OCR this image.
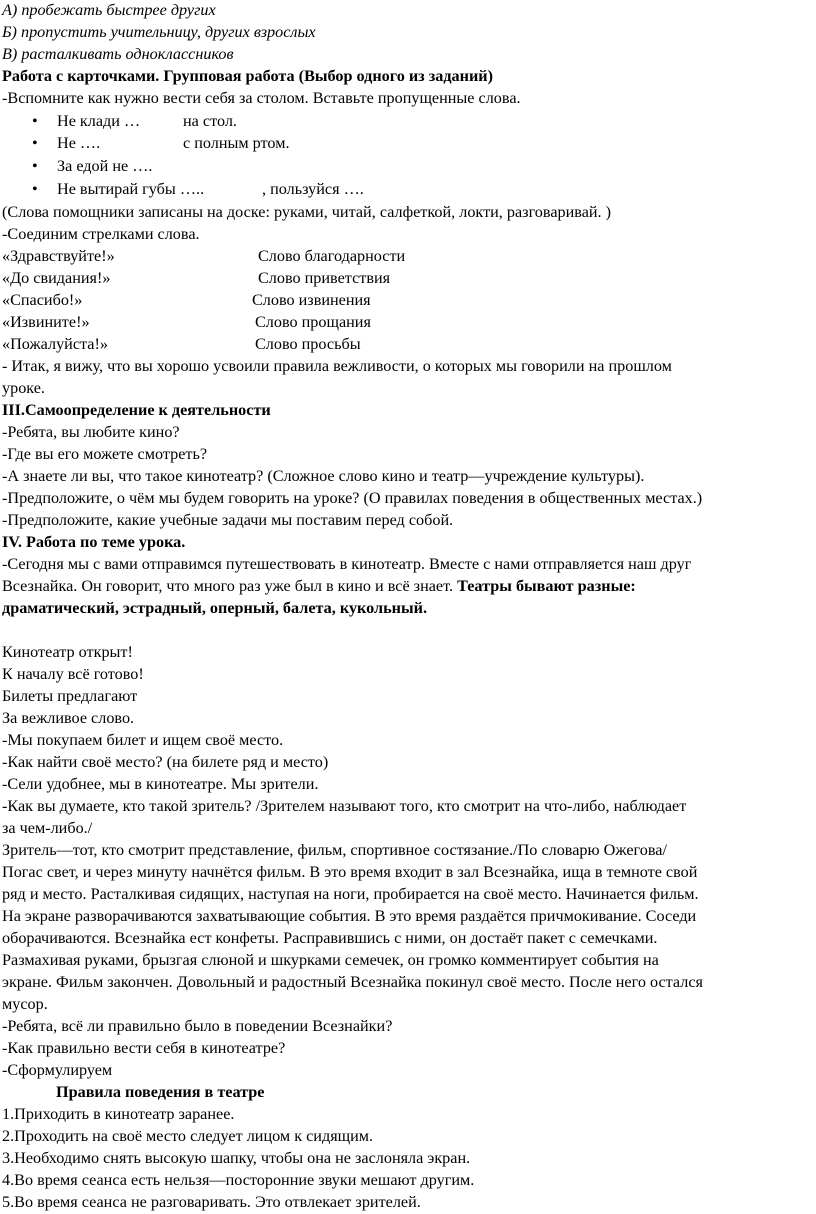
А) пробежать быстрее других
Б) пропустить учительницу, других взрослых
В) расталкивать одноклассников
Работа с карточками. Групповая работа (Выбор одного из заданий)
-Вспомните как нужно вести себя за столом. Вставьте пропущенные слова.
• Не клади …	на стол.
• Не ….	с полным ртом.
• За едой не ….
• Не вытирай губы …..	, пользуйся ….
(Слова помощники записаны на доске: руками, читай, салфеткой, локти, разговаривай. )
-Соединим стрелками слова.
«Здравствуйте!»	Слово благодарности
«До свидания!»	Слово приветствия
«Спасибо!»	Слово извинения
«Извините!»	Слово прощания
«Пожалуйста!»	Слово просьбы
- Итак, я вижу, что вы хорошо усвоили правила вежливости, о которых мы говорили на прошлом
уроке.
III.Самоопределение к деятельности
-Ребята, вы любите кино?
-Где вы его можете смотреть?
-А знаете ли вы, что такое кинотеатр? (Сложное слово кино и театр—учреждение культуры).
-Предположите, о чём мы будем говорить на уроке? (О правилах поведения в общественных местах.)
-Предположите, какие учебные задачи мы поставим перед собой.
IV. Работа по теме урока.
-Сегодня мы с вами отправимся путешествовать в кинотеатр. Вместе с нами отправляется наш друг
Всезнайка. Он говорит, что много раз уже был в кино и всё знает. Театры бывают разные:
драматический, эстрадный, оперный, балета, кукольный.
Кинотеатр открыт!
К началу всё готово!
Билеты предлагают
За вежливое слово.
-Мы покупаем билет и ищем своё место.
-Как найти своё место? (на билете ряд и место)
-Сели удобнее, мы в кинотеатре. Мы зрители.
-Как вы думаете, кто такой зритель? /Зрителем называют того, кто смотрит на что-либо, наблюдает
за чем-либо./
Зритель—тот, кто смотрит представление, фильм, спортивное состязание./По словарю Ожегова/
Погас свет, и через минуту начнётся фильм. В это время входит в зал Всезнайка, ища в темноте свой
ряд и место. Расталкивая сидящих, наступая на ноги, пробирается на своё место. Начинается фильм.
На экране разворачиваются захватывающие события. В это время раздаётся причмокивание. Соседи
оборачиваются. Всезнайка ест конфеты. Расправившись с ними, он достаёт пакет с семечками.
Размахивая руками, брызгая слюной и шкурками семечек, он громко комментирует события на
экране. Фильм закончен. Довольный и радостный Всезнайка покинул своё место. После него остался
мусор.
-Ребята, всё ли правильно было в поведении Всезнайки?
-Как правильно вести себя в кинотеатре?
-Сформулируем
Правила поведения в театре
1.Приходить в кинотеатр заранее.
2.Проходить на своё место следует лицом к сидящим.
3.Необходимо снять высокую шапку, чтобы она не заслоняла экран.
4.Во время сеанса есть нельзя—посторонние звуки мешают другим.
5.Во время сеанса не разговаривать. Это отвлекает зрителей.
